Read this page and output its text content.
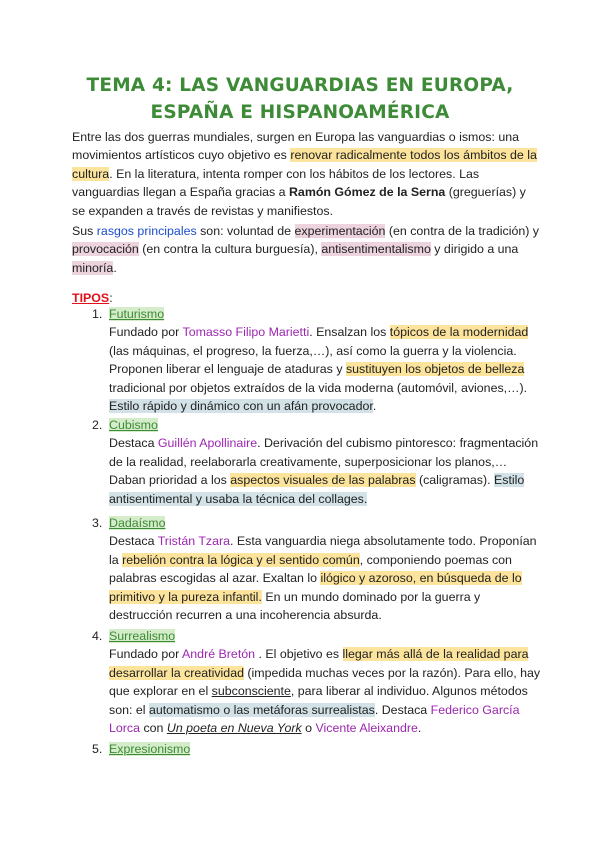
TEMA 4: LAS VANGUARDIAS EN EUROPA, ESPAÑA E HISPANOAMÉRICA
Entre las dos guerras mundiales, surgen en Europa las vanguardias o ismos: una movimientos artísticos cuyo objetivo es renovar radicalmente todos los ámbitos de la cultura. En la literatura, intenta romper con los hábitos de los lectores. Las vanguardias llegan a España gracias a Ramón Gómez de la Serna (greguerías) y se expanden a través de revistas y manifiestos.
Sus rasgos principales son: voluntad de experimentación (en contra de la tradición) y provocación (en contra la cultura burguesía), antisentimentalismo y dirigido a una minoría.
TIPOS:
1. Futurismo
Fundado por Tomasso Filipo Marietti. Ensalzan los tópicos de la modernidad (las máquinas, el progreso, la fuerza,…), así como la guerra y la violencia. Proponen liberar el lenguaje de ataduras y sustituyen los objetos de belleza tradicional por objetos extraídos de la vida moderna (automóvil, aviones,…). Estilo rápido y dinámico con un afán provocador.
2. Cubismo
Destaca Guillén Apollinaire. Derivación del cubismo pintoresco: fragmentación de la realidad, reelaborarla creativamente, superposicionar los planos,… Daban prioridad a los aspectos visuales de las palabras (caligramas). Estilo antisentimental y usaba la técnica del collages.
3. Dadaísmo
Destaca Tristán Tzara. Esta vanguardia niega absolutamente todo. Proponían la rebelión contra la lógica y el sentido común, componiendo poemas con palabras escogidas al azar. Exaltan lo ilógico y azoroso, en búsqueda de lo primitivo y la pureza infantil. En un mundo dominado por la guerra y destrucción recurren a una incoherencia absurda.
4. Surrealismo
Fundado por André Bretón . El objetivo es llegar más allá de la realidad para desarrollar la creatividad (impedida muchas veces por la razón). Para ello, hay que explorar en el subconsciente, para liberar al individuo. Algunos métodos son: el automatismo o las metáforas surrealistas. Destaca Federico García Lorca con Un poeta en Nueva York o Vicente Aleixandre.
5. Expresionismo
